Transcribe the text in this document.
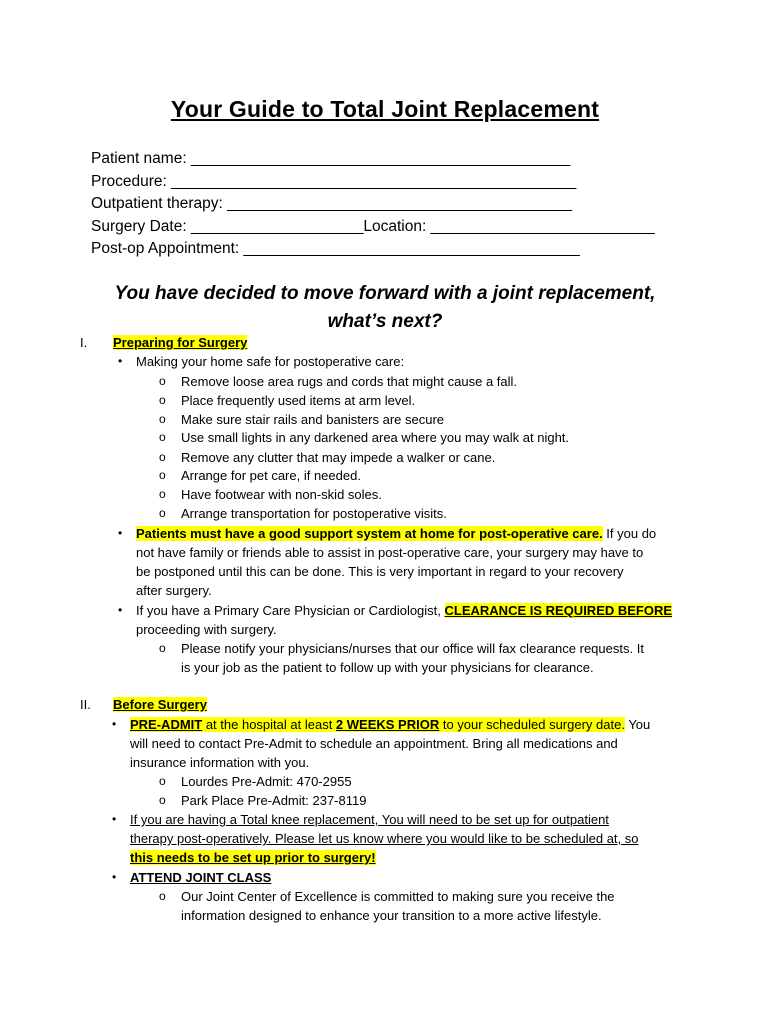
Your Guide to Total Joint Replacement
Patient name: ____________________________________________
Procedure: _______________________________________________
Outpatient therapy: ________________________________________
Surgery Date: ____________________Location: __________________________
Post-op Appointment: _______________________________________
You have decided to move forward with a joint replacement,
what’s next?
I. Preparing for Surgery
• Making your home safe for postoperative care:
o Remove loose area rugs and cords that might cause a fall.
o Place frequently used items at arm level.
o Make sure stair rails and banisters are secure
o Use small lights in any darkened area where you may walk at night.
o Remove any clutter that may impede a walker or cane.
o Arrange for pet care, if needed.
o Have footwear with non-skid soles.
o Arrange transportation for postoperative visits.
• Patients must have a good support system at home for post-operative care. If you do
not have family or friends able to assist in post-operative care, your surgery may have to
be postponed until this can be done. This is very important in regard to your recovery
after surgery.
• If you have a Primary Care Physician or Cardiologist, CLEARANCE IS REQUIRED BEFORE
proceeding with surgery.
o Please notify your physicians/nurses that our office will fax clearance requests. It
is your job as the patient to follow up with your physicians for clearance.
II. Before Surgery
• PRE-ADMIT at the hospital at least 2 WEEKS PRIOR to your scheduled surgery date. You
will need to contact Pre-Admit to schedule an appointment. Bring all medications and
insurance information with you.
o Lourdes Pre-Admit: 470-2955
o Park Place Pre-Admit: 237-8119
• If you are having a Total knee replacement, You will need to be set up for outpatient
therapy post-operatively. Please let us know where you would like to be scheduled at, so
this needs to be set up prior to surgery!
• ATTEND JOINT CLASS
o Our Joint Center of Excellence is committed to making sure you receive the
information designed to enhance your transition to a more active lifestyle.
